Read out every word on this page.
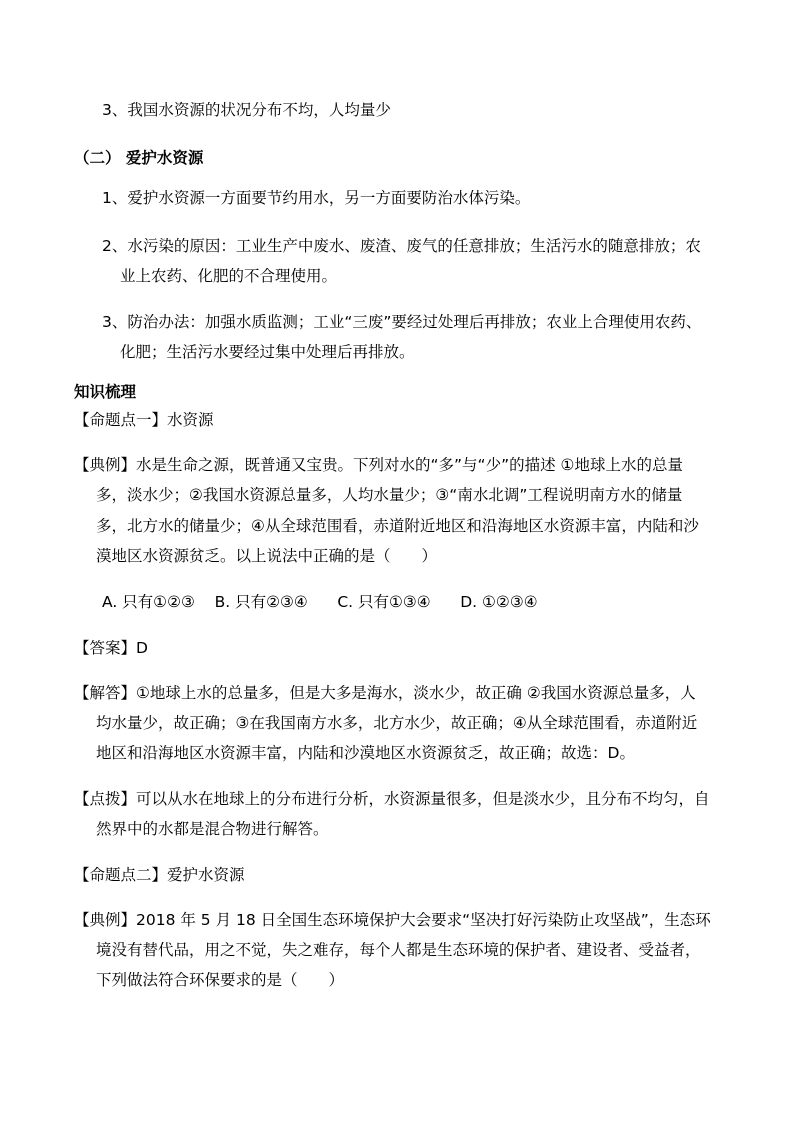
3、我国水资源的状况分布不均，人均量少
（二） 爱护水资源
1、爱护水资源一方面要节约用水，另一方面要防治水体污染。
2、水污染的原因：工业生产中废水、废渣、废气的任意排放；生活污水的随意排放；农
业上农药、化肥的不合理使用。
3、防治办法：加强水质监测；工业“三废”要经过处理后再排放；农业上合理使用农药、
化肥；生活污水要经过集中处理后再排放。
知识梳理
【命题点一】水资源
【典例】水是生命之源，既普通又宝贵。下列对水的“多”与“少”的描述 ①地球上水的总量
多，淡水少；②我国水资源总量多，人均水量少；③“南水北调”工程说明南方水的储量
多，北方水的储量少；④从全球范围看，赤道附近地区和沿海地区水资源丰富，内陆和沙
漠地区水资源贫乏。以上说法中正确的是（　　）
A. 只有①②③    B. 只有②③④      C. 只有①③④      D. ①②③④
【答案】D
【解答】①地球上水的总量多，但是大多是海水，淡水少，故正确 ②我国水资源总量多，人
均水量少，故正确；③在我国南方水多，北方水少，故正确；④从全球范围看，赤道附近
地区和沿海地区水资源丰富，内陆和沙漠地区水资源贫乏，故正确；故选：D。
【点拨】可以从水在地球上的分布进行分析，水资源量很多，但是淡水少，且分布不均匀，自
然界中的水都是混合物进行解答。
【命题点二】爱护水资源
【典例】2018 年 5 月 18 日全国生态环境保护大会要求“坚决打好污染防止攻坚战”，生态环
境没有替代品，用之不觉，失之难存，每个人都是生态环境的保护者、建设者、受益者，
下列做法符合环保要求的是（　　）
